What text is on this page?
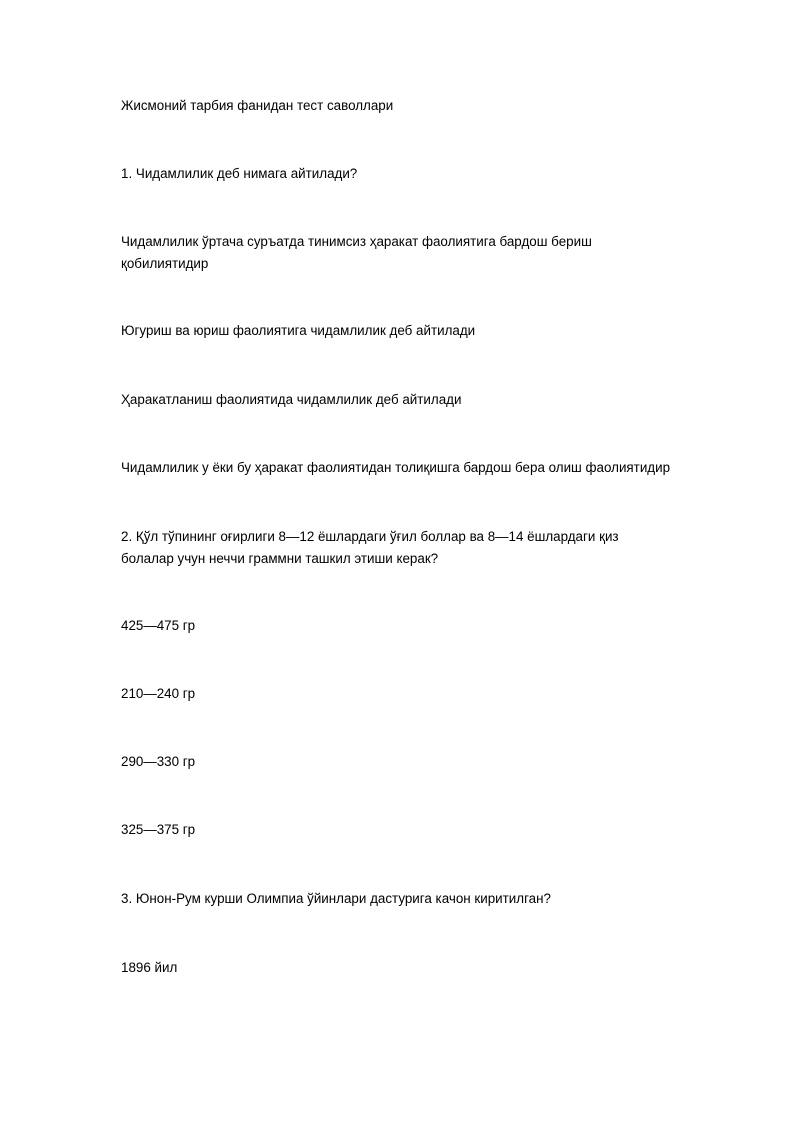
Жисмоний тарбия фанидан тест саволлари
1. Чидамлилик деб нимага айтилади?
Чидамлилик ўртача суръатда тинимсиз ҳаракат фаолиятига бардош бериш қобилиятидир
Югуриш ва юриш фаолиятига чидамлилик деб айтилади
Ҳаракатланиш фаолиятида чидамлилик деб айтилади
Чидамлилик у ёки бу ҳаракат фаолиятидан толиқишга бардош бера олиш фаолиятидир
2. Қўл тўпининг оғирлиги 8—12 ёшлардаги ўғил боллар ва 8—14 ёшлардаги қиз болалар учун неччи граммни ташкил этиши керак?
425—475 гр
210—240 гр
290—330 гр
325—375 гр
3. Юнон-Рум курши Олимпиа ўйинлари дастурига качон киритилган?
1896 йил
